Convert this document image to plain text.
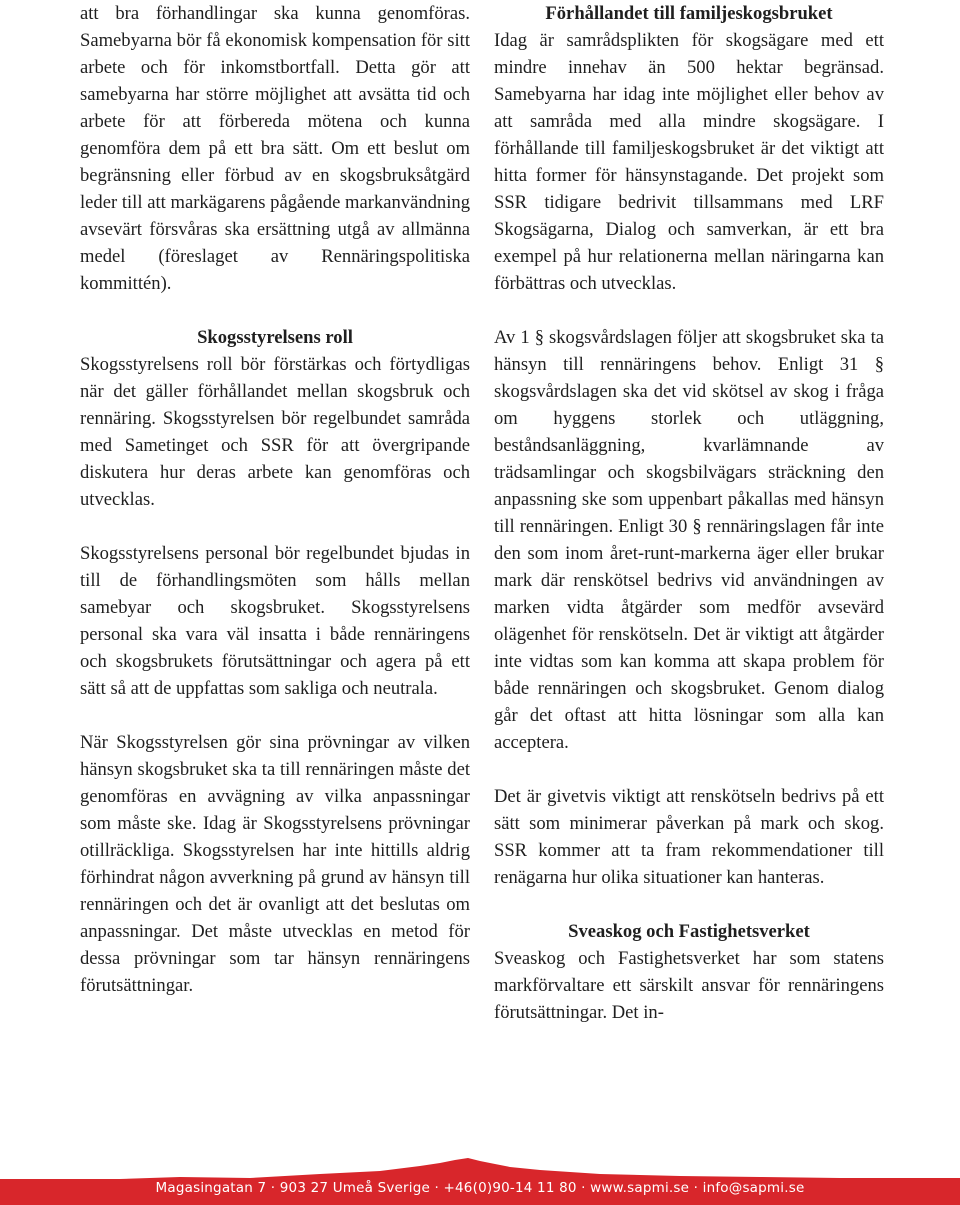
att bra förhandlingar ska kunna genomföras. Samebyarna bör få ekonomisk kompensation för sitt arbete och för inkomstbortfall. Detta gör att samebyarna har större möjlighet att avsätta tid och arbete för att förbereda mötena och kunna genomföra dem på ett bra sätt. Om ett beslut om begränsning eller förbud av en skogsbruksåtgärd leder till att markägarens pågående markanvändning avsevärt försvåras ska ersättning utgå av allmänna medel (föreslaget av Rennäringspolitiska kommittén).

Skogsstyrelsens roll

Skogsstyrelsens roll bör förstärkas och förtydligas när det gäller förhållandet mellan skogsbruk och rennäring. Skogsstyrelsen bör regelbundet samråda med Sametinget och SSR för att övergripande diskutera hur deras arbete kan genomföras och utvecklas.

Skogsstyrelsens personal bör regelbundet bjudas in till de förhandlingsmöten som hålls mellan samebyar och skogsbruket. Skogsstyrelsens personal ska vara väl insatta i både rennäringens och skogsbrukets förutsättningar och agera på ett sätt så att de uppfattas som sakliga och neutrala.

När Skogsstyrelsen gör sina prövningar av vilken hänsyn skogsbruket ska ta till rennäringen måste det genomföras en avvägning av vilka anpassningar som måste ske. Idag är Skogsstyrelsens prövningar otillräckliga. Skogsstyrelsen har inte hittills aldrig förhindrat någon avverkning på grund av hänsyn till rennäringen och det är ovanligt att det beslutas om anpassningar. Det måste utvecklas en metod för dessa prövningar som tar hänsyn rennäringens förutsättningar.

Förhållandet till familjeskogsbruket

Idag är samrådsplikten för skogsägare med ett mindre innehav än 500 hektar begränsad. Samebyarna har idag inte möjlighet eller behov av att samråda med alla mindre skogsägare. I förhållande till familjeskogsbruket är det viktigt att hitta former för hänsynstagande. Det projekt som SSR tidigare bedrivit tillsammans med LRF Skogsägarna, Dialog och samverkan, är ett bra exempel på hur relationerna mellan näringarna kan förbättras och utvecklas.

Av 1 § skogsvårdslagen följer att skogsbruket ska ta hänsyn till rennäringens behov. Enligt 31 § skogsvårdslagen ska det vid skötsel av skog i fråga om hyggens storlek och utläggning, beståndsanläggning, kvarlämnande av trädsamlingar och skogsbilvägars sträckning den anpassning ske som uppenbart påkallas med hänsyn till rennäringen. Enligt 30 § rennäringslagen får inte den som inom året-runt-markerna äger eller brukar mark där renskötsel bedrivs vid användningen av marken vidta åtgärder som medför avsevärd olägenhet för renskötseln. Det är viktigt att åtgärder inte vidtas som kan komma att skapa problem för både rennäringen och skogsbruket. Genom dialog går det oftast att hitta lösningar som alla kan acceptera.

Det är givetvis viktigt att renskötseln bedrivs på ett sätt som minimerar påverkan på mark och skog. SSR kommer att ta fram rekommendationer till renägarna hur olika situationer kan hanteras.

Sveaskog och Fastighetsverket

Sveaskog och Fastighetsverket har som statens markförvaltare ett särskilt ansvar för rennäringens förutsättningar. Det in-

Magasingatan 7 · 903 27 Umeå Sverige · +46(0)90-14 11 80 · www.sapmi.se · info@sapmi.se
